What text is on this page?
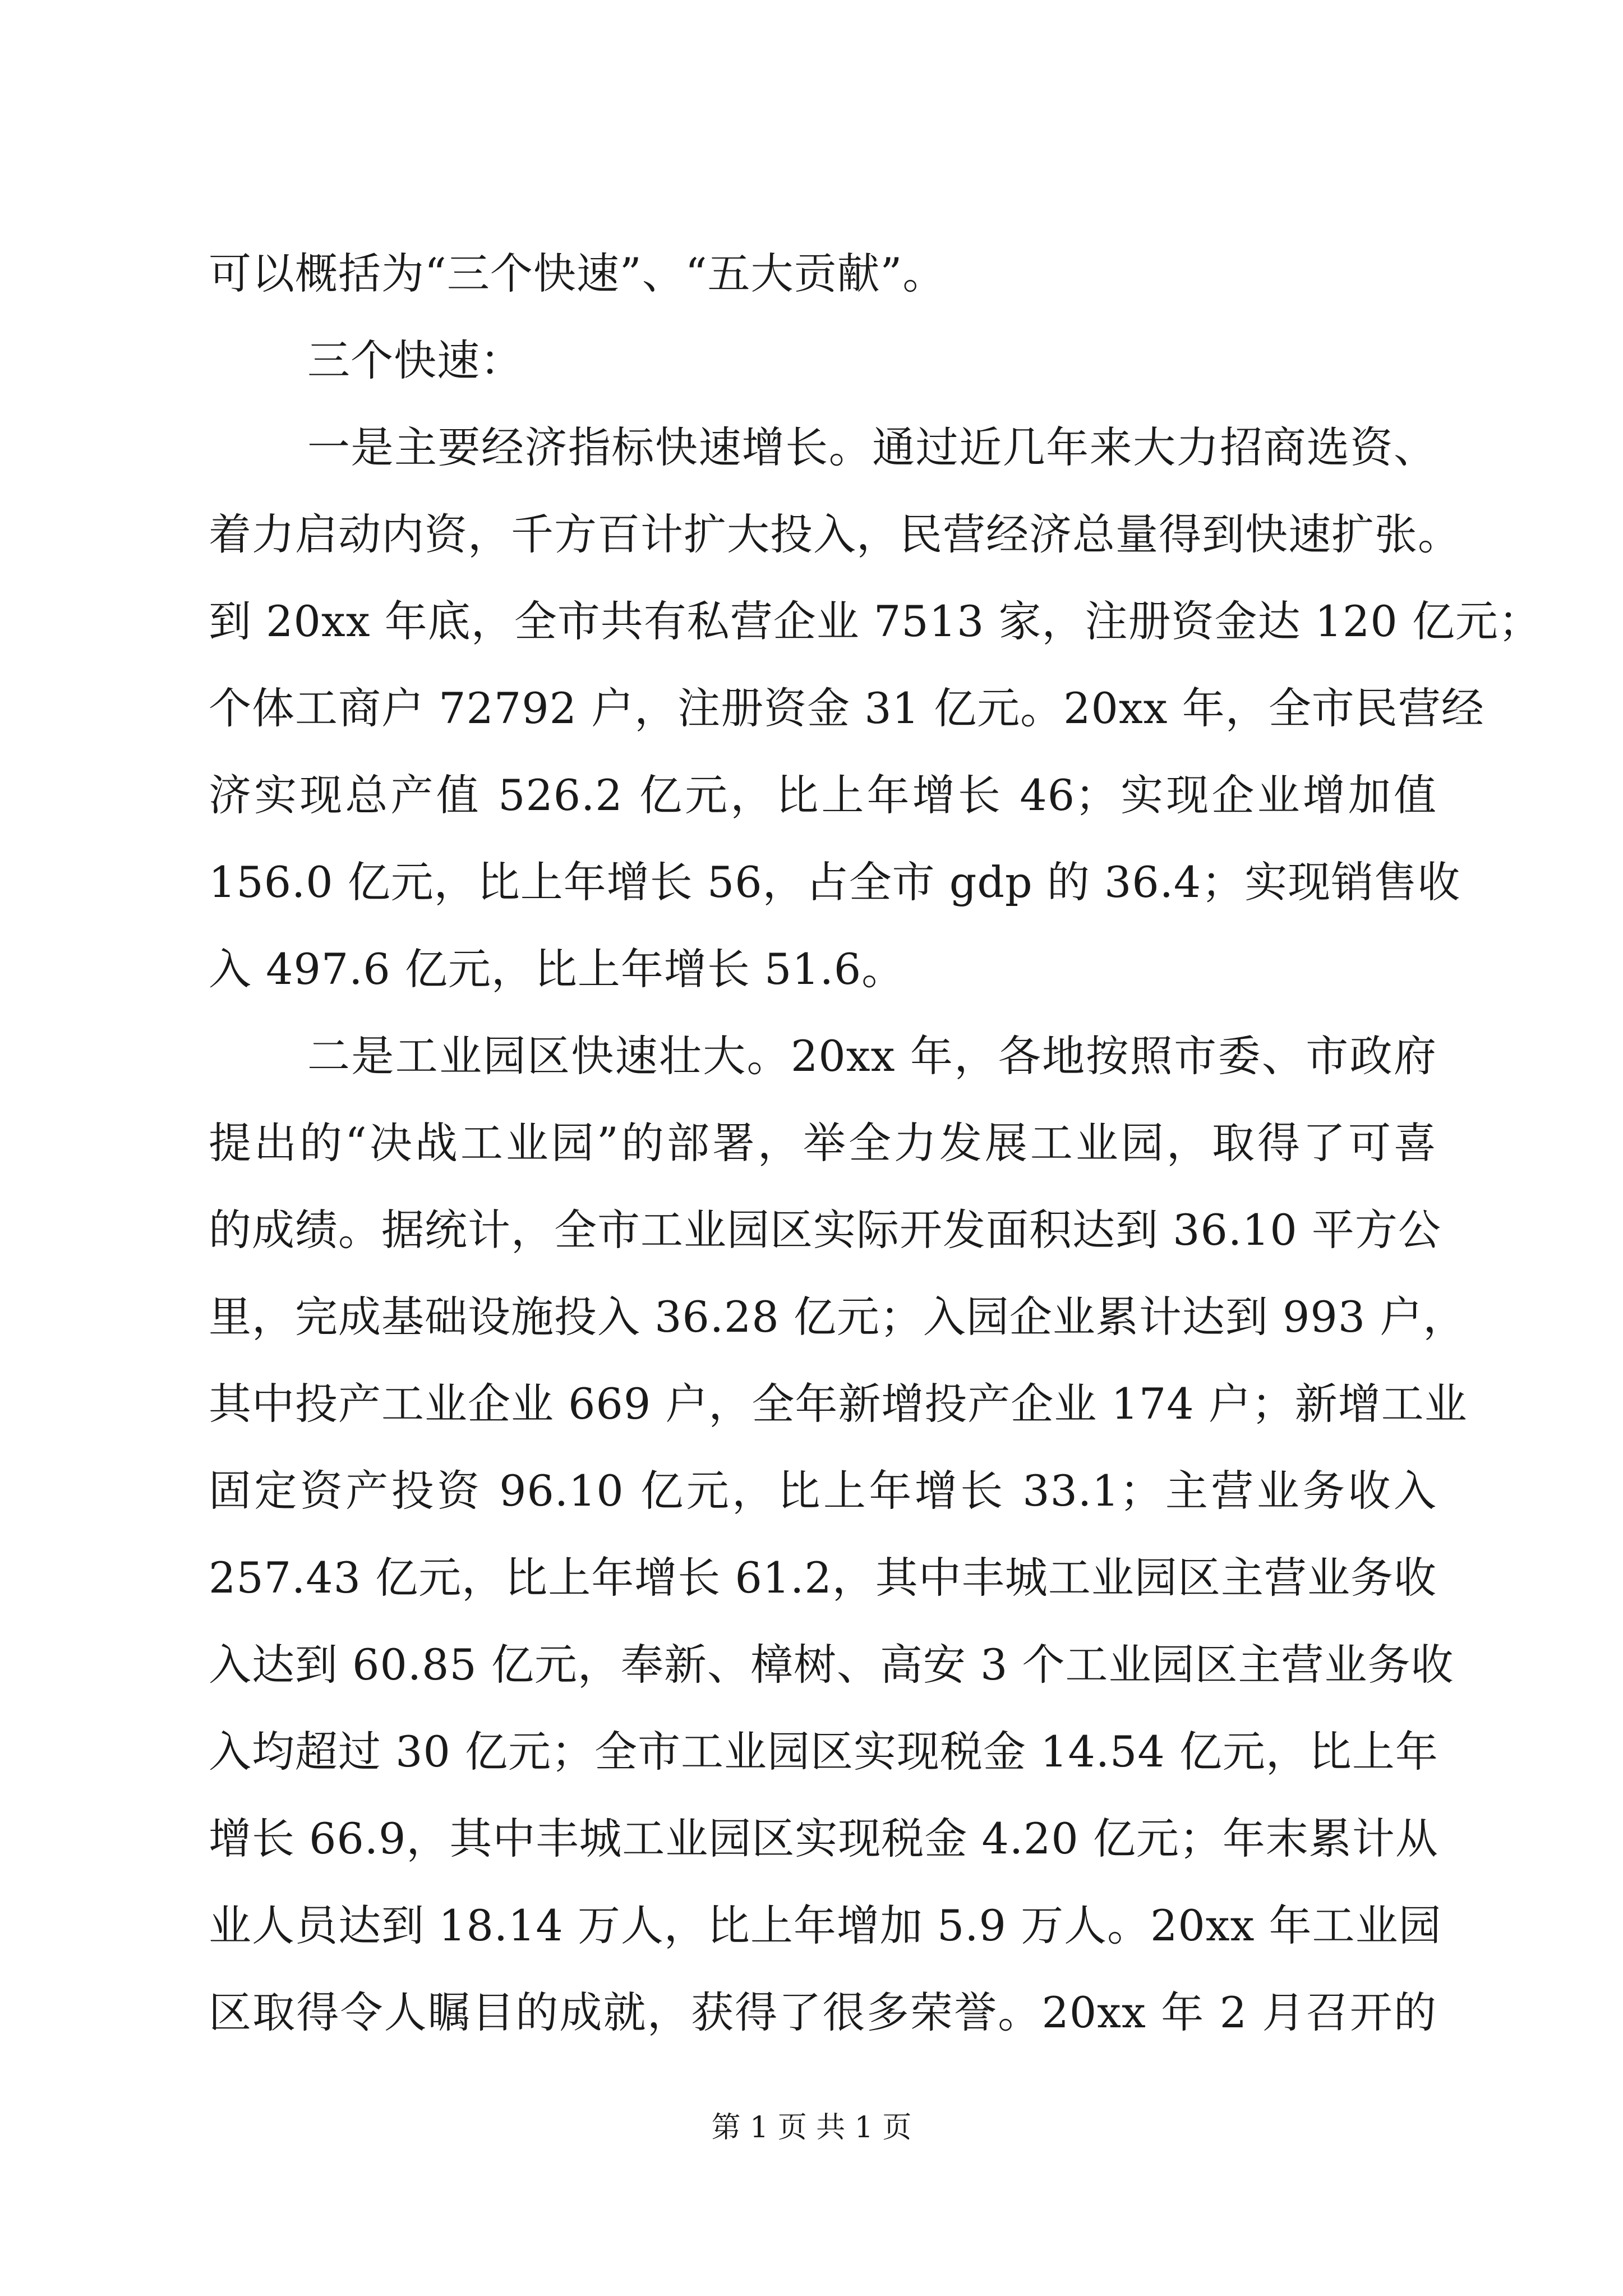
可以概括为“三个快速”、“五大贡献”。
三个快速：
一是主要经济指标快速增长。通过近几年来大力招商选资、
着力启动内资，千方百计扩大投入，民营经济总量得到快速扩张。
到 20xx 年底，全市共有私营企业 7513 家，注册资金达 120 亿元；
个体工商户 72792 户，注册资金 31 亿元。20xx 年，全市民营经
济实现总产值 526.2 亿元，比上年增长 46；实现企业增加值
156.0 亿元，比上年增长 56，占全市 gdp 的 36.4；实现销售收
入 497.6 亿元，比上年增长 51.6。
二是工业园区快速壮大。20xx 年，各地按照市委、市政府
提出的“决战工业园”的部署，举全力发展工业园，取得了可喜
的成绩。据统计，全市工业园区实际开发面积达到 36.10 平方公
里，完成基础设施投入 36.28 亿元；入园企业累计达到 993 户，
其中投产工业企业 669 户，全年新增投产企业 174 户；新增工业
固定资产投资 96.10 亿元，比上年增长 33.1；主营业务收入
257.43 亿元，比上年增长 61.2，其中丰城工业园区主营业务收
入达到 60.85 亿元，奉新、樟树、高安 3 个工业园区主营业务收
入均超过 30 亿元；全市工业园区实现税金 14.54 亿元，比上年
增长 66.9，其中丰城工业园区实现税金 4.20 亿元；年末累计从
业人员达到 18.14 万人，比上年增加 5.9 万人。20xx 年工业园
区取得令人瞩目的成就，获得了很多荣誉。20xx 年 2 月召开的
第 1 页 共 1 页
